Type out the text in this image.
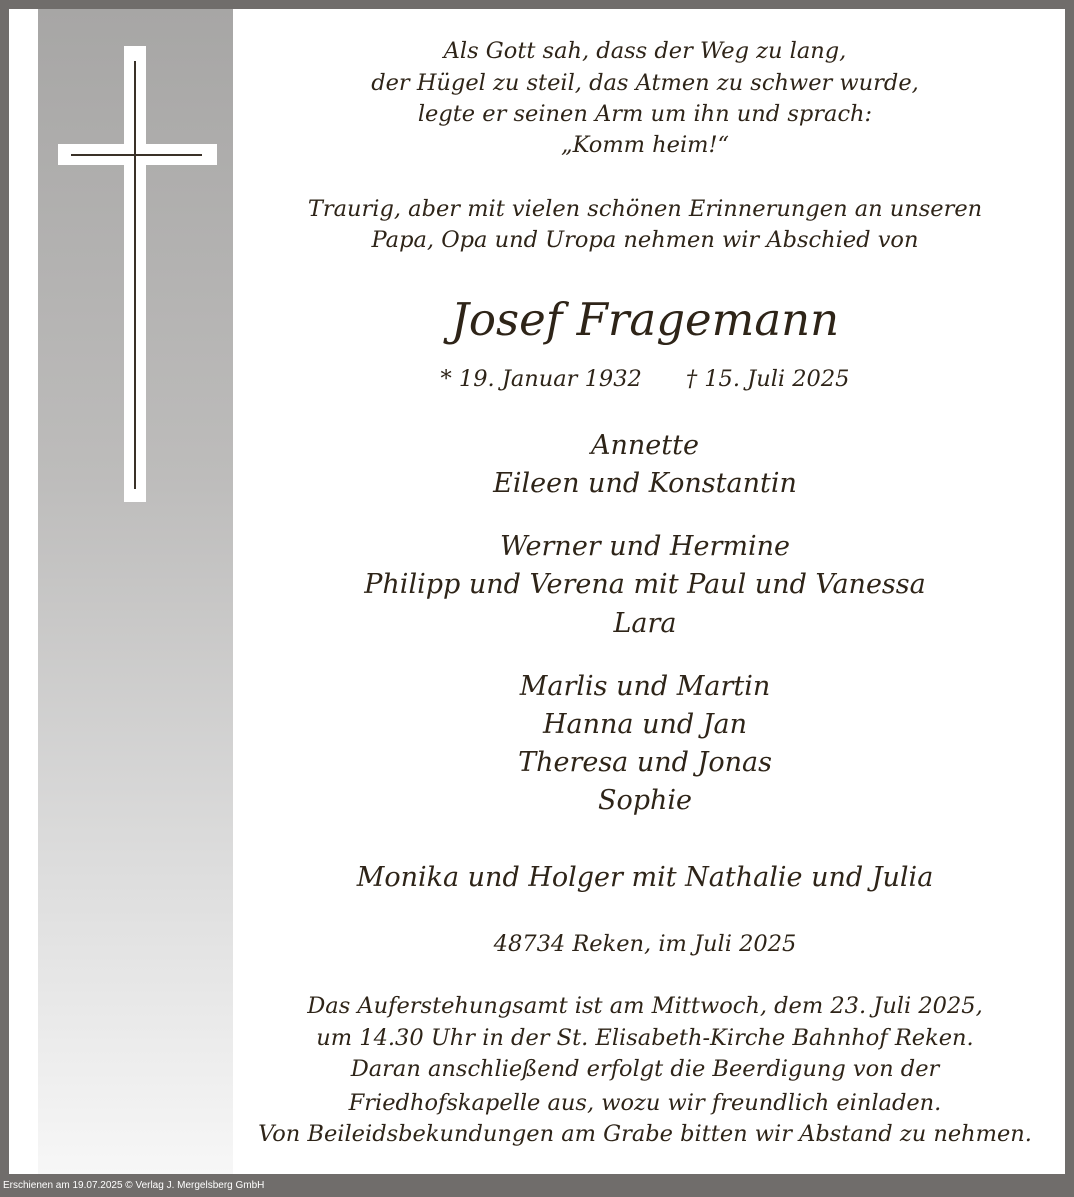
Als Gott sah, dass der Weg zu lang,
der Hügel zu steil, das Atmen zu schwer wurde,
legte er seinen Arm um ihn und sprach:
„Komm heim!“
Traurig, aber mit vielen schönen Erinnerungen an unseren
Papa, Opa und Uropa nehmen wir Abschied von
Josef Fragemann
* 19. Januar 1932 † 15. Juli 2025
Annette
Eileen und Konstantin
Werner und Hermine
Philipp und Verena mit Paul und Vanessa
Lara
Marlis und Martin
Hanna und Jan
Theresa und Jonas
Sophie
Monika und Holger mit Nathalie und Julia
48734 Reken, im Juli 2025
Das Auferstehungsamt ist am Mittwoch, dem 23. Juli 2025,
um 14.30 Uhr in der St. Elisabeth-Kirche Bahnhof Reken.
Daran anschließend erfolgt die Beerdigung von der
Friedhofskapelle aus, wozu wir freundlich einladen.
Von Beileidsbekundungen am Grabe bitten wir Abstand zu nehmen.
Erschienen am 19.07.2025 © Verlag J. Mergelsberg GmbH
